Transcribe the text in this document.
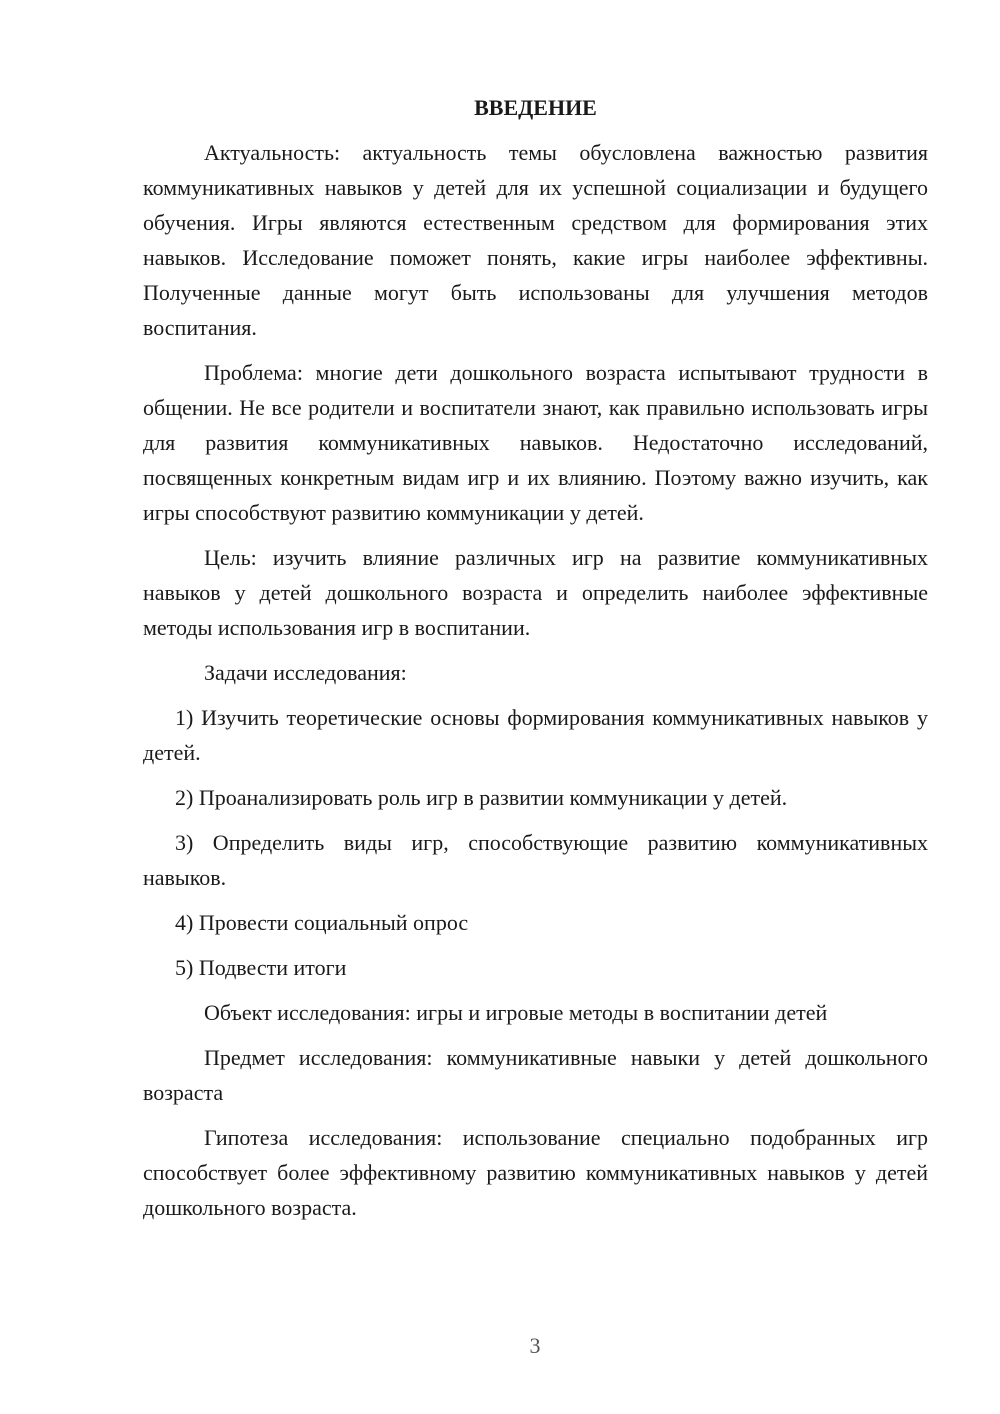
ВВЕДЕНИЕ

Актуальность: актуальность темы обусловлена важностью развития коммуникативных навыков у детей для их успешной социализации и будущего обучения. Игры являются естественным средством для формирования этих навыков. Исследование поможет понять, какие игры наиболее эффективны. Полученные данные могут быть использованы для улучшения методов воспитания.

Проблема: многие дети дошкольного возраста испытывают трудности в общении. Не все родители и воспитатели знают, как правильно использовать игры для развития коммуникативных навыков. Недостаточно исследований, посвященных конкретным видам игр и их влиянию. Поэтому важно изучить, как игры способствуют развитию коммуникации у детей.

Цель: изучить влияние различных игр на развитие коммуникативных навыков у детей дошкольного возраста и определить наиболее эффективные методы использования игр в воспитании.

Задачи исследования:

1) Изучить теоретические основы формирования коммуникативных навыков у детей.

2) Проанализировать роль игр в развитии коммуникации у детей.

3) Определить виды игр, способствующие развитию коммуникативных навыков.

4) Провести социальный опрос

5) Подвести итоги

Объект исследования: игры и игровые методы в воспитании детей

Предмет исследования: коммуникативные навыки у детей дошкольного возраста

Гипотеза исследования: использование специально подобранных игр способствует более эффективному развитию коммуникативных навыков у детей дошкольного возраста.

3
